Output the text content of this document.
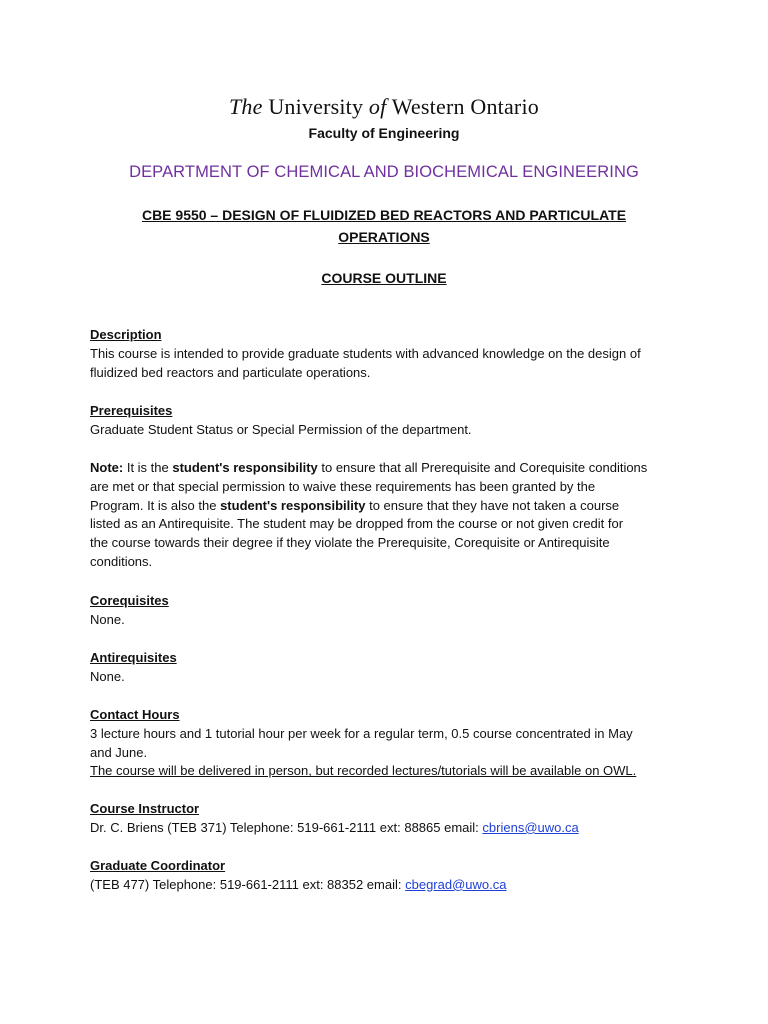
The University of Western Ontario
Faculty of Engineering
DEPARTMENT OF CHEMICAL AND BIOCHEMICAL ENGINEERING
CBE 9550 – DESIGN OF FLUIDIZED BED REACTORS AND PARTICULATE
OPERATIONS
COURSE OUTLINE
Description
This course is intended to provide graduate students with advanced knowledge on the design of
fluidized bed reactors and particulate operations.
Prerequisites
Graduate Student Status or Special Permission of the department.
Note: It is the student's responsibility to ensure that all Prerequisite and Corequisite conditions
are met or that special permission to waive these requirements has been granted by the
Program. It is also the student's responsibility to ensure that they have not taken a course
listed as an Antirequisite. The student may be dropped from the course or not given credit for
the course towards their degree if they violate the Prerequisite, Corequisite or Antirequisite
conditions.
Corequisites
None.
Antirequisites
None.
Contact Hours
3 lecture hours and 1 tutorial hour per week for a regular term, 0.5 course concentrated in May
and June.
The course will be delivered in person, but recorded lectures/tutorials will be available on OWL.
Course Instructor
Dr. C. Briens (TEB 371) Telephone: 519-661-2111 ext: 88865 email: cbriens@uwo.ca
Graduate Coordinator
(TEB 477) Telephone: 519-661-2111 ext: 88352 email: cbegrad@uwo.ca
